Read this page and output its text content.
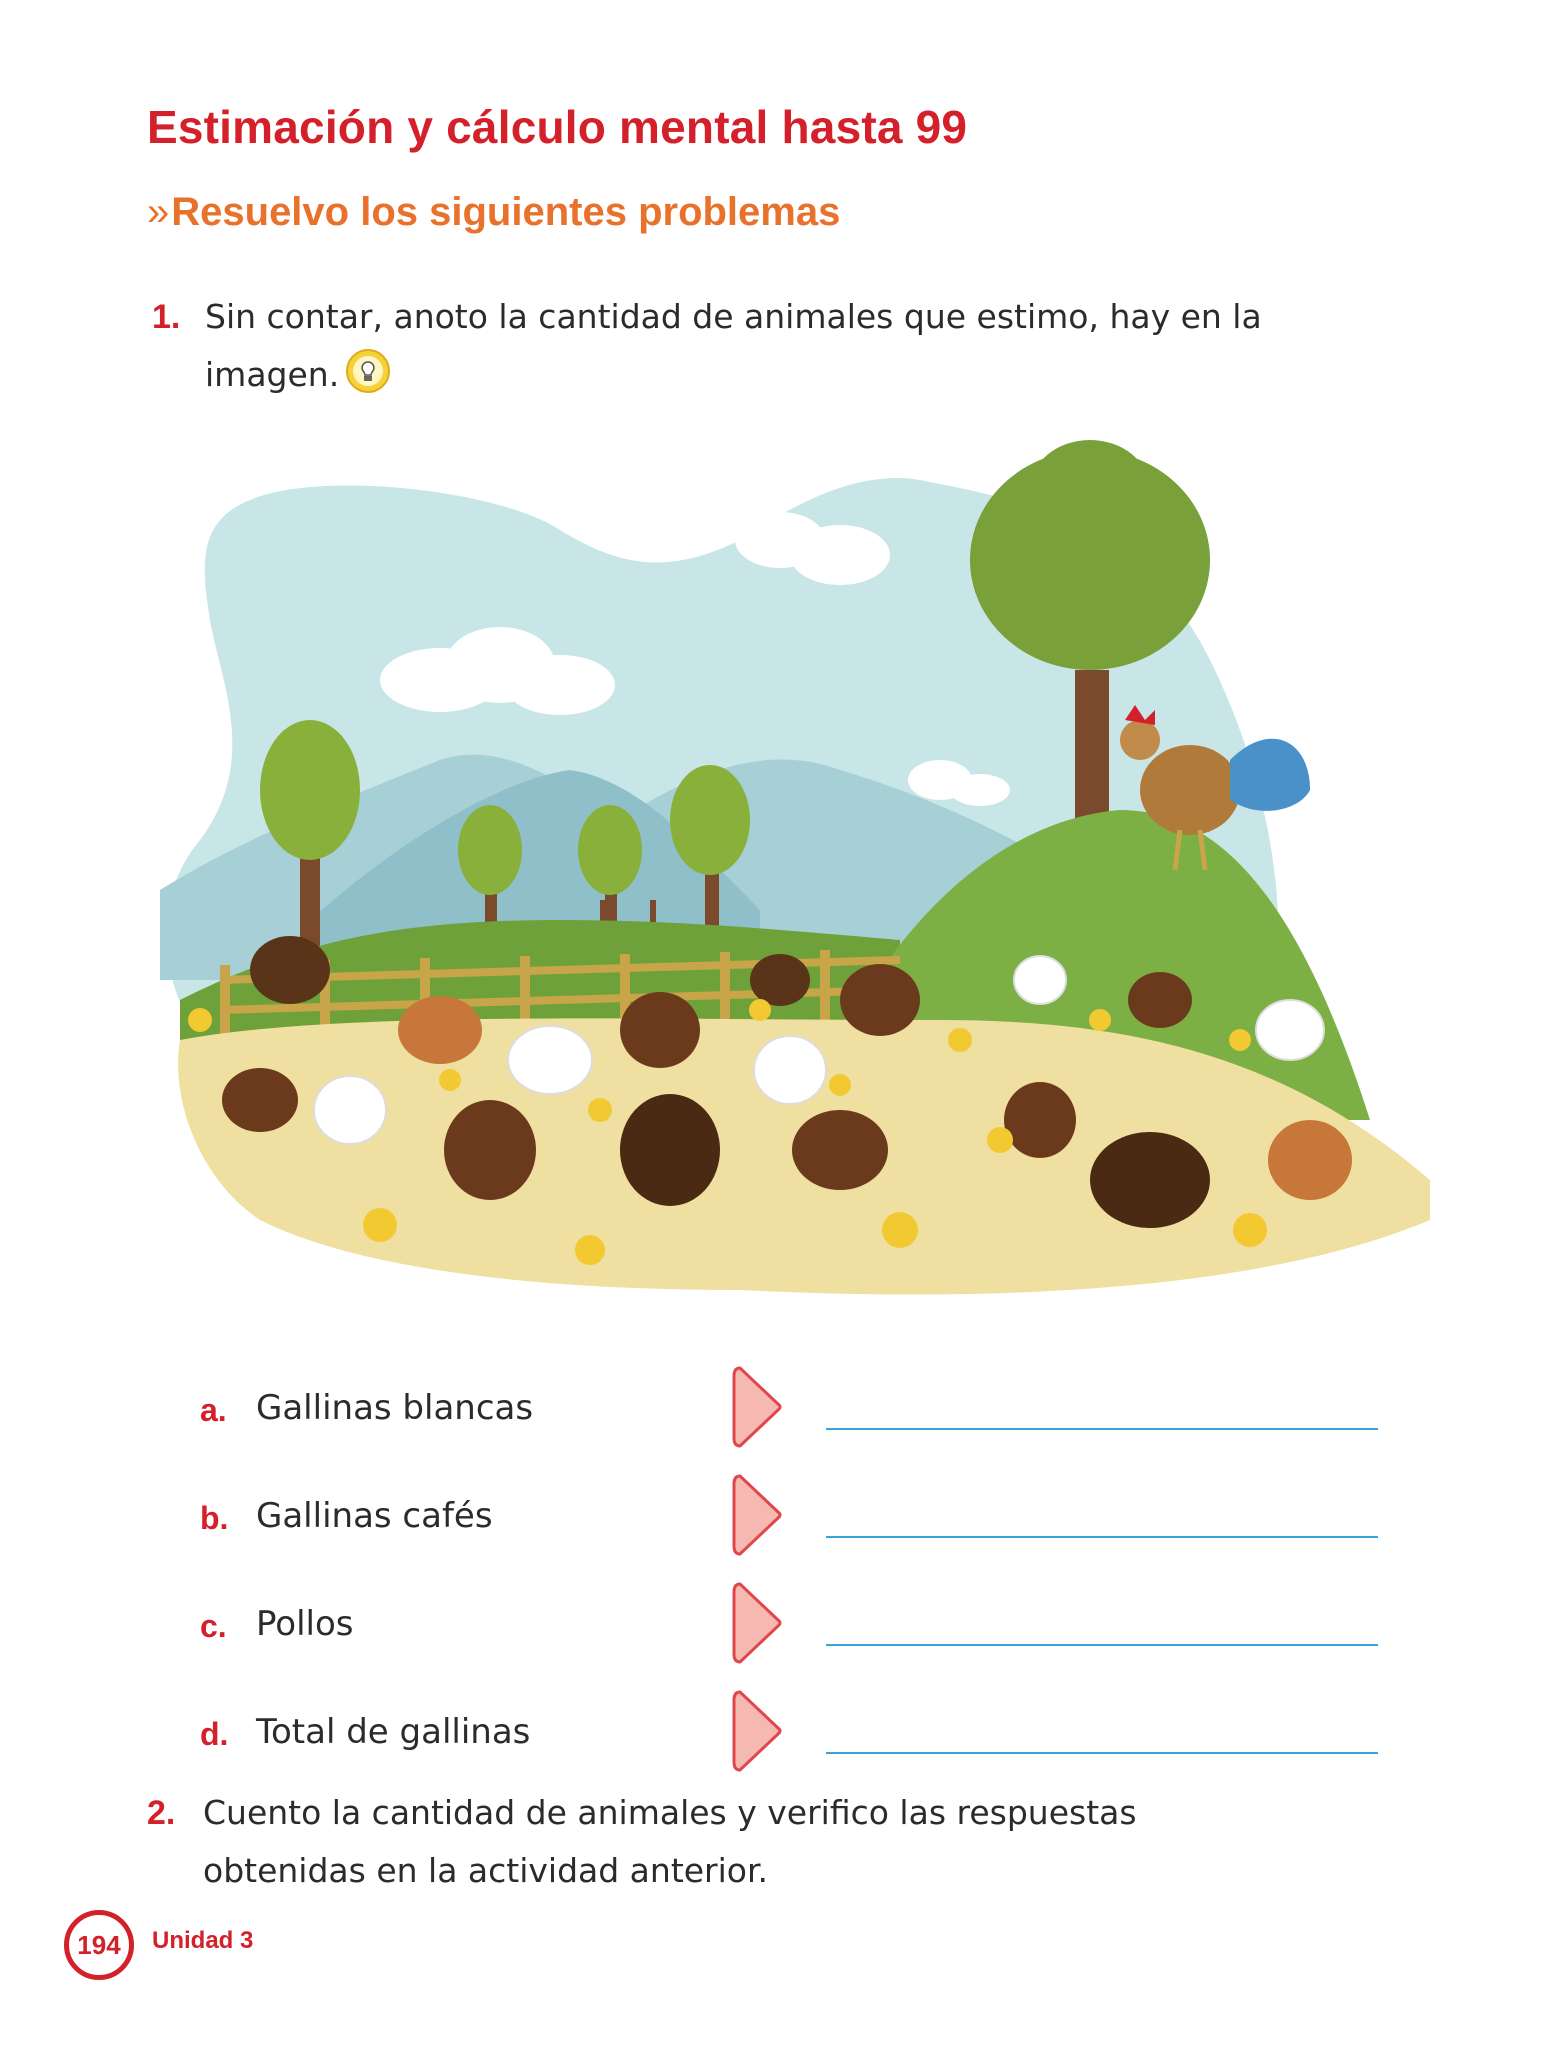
Estimación y cálculo mental hasta 99
»Resuelvo los siguientes problemas
1. Sin contar, anoto la cantidad de animales que estimo, hay en la
imagen.
a. Gallinas blancas
b. Gallinas cafés
c. Pollos
d. Total de gallinas
2. Cuento la cantidad de animales y verifico las respuestas
obtenidas en la actividad anterior.
194	Unidad 3
